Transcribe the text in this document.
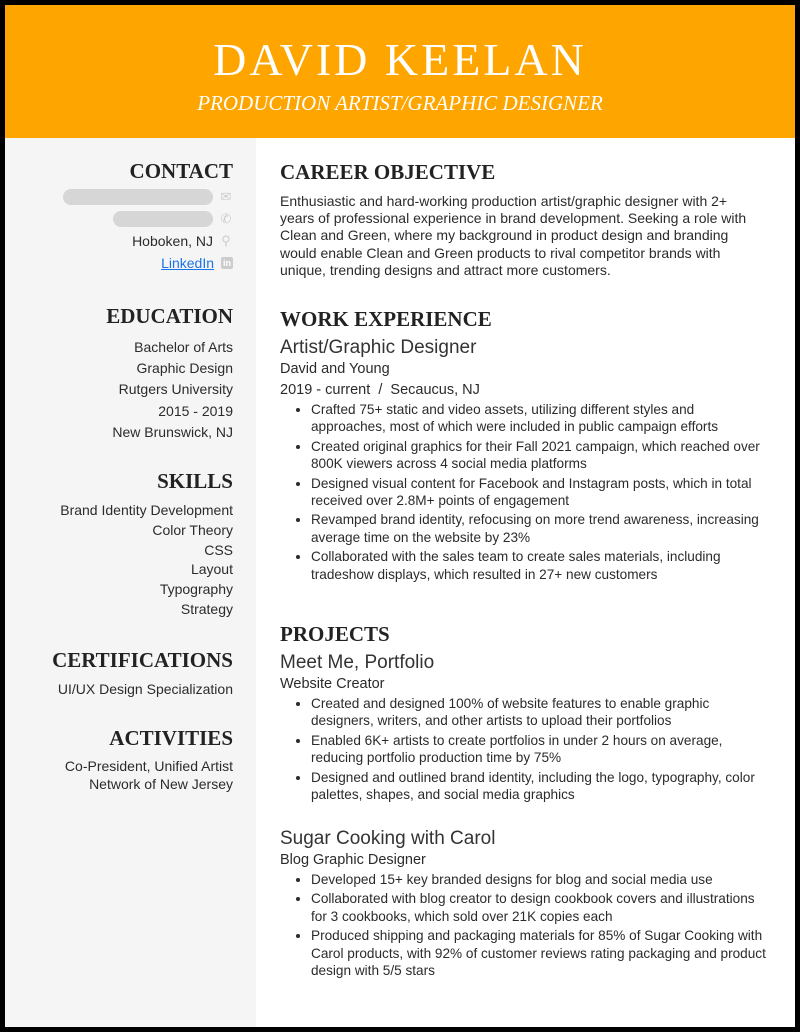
DAVID KEELAN
PRODUCTION ARTIST/GRAPHIC DESIGNER
CONTACT
✉
✆
Hoboken, NJ ⚲
LinkedIn in
EDUCATION
Bachelor of Arts
Graphic Design
Rutgers University
2015 - 2019
New Brunswick, NJ
SKILLS
Brand Identity Development
Color Theory
CSS
Layout
Typography
Strategy
CERTIFICATIONS
UI/UX Design Specialization
ACTIVITIES
Co-President, Unified Artist
Network of New Jersey
CAREER OBJECTIVE
Enthusiastic and hard-working production artist/graphic designer with 2+ years of professional experience in brand development. Seeking a role with Clean and Green, where my background in product design and branding would enable Clean and Green products to rival competitor brands with unique, trending designs and attract more customers.
WORK EXPERIENCE
Artist/Graphic Designer
David and Young
2019 - current  /  Secaucus, NJ
• Crafted 75+ static and video assets, utilizing different styles and approaches, most of which were included in public campaign efforts
• Created original graphics for their Fall 2021 campaign, which reached over 800K viewers across 4 social media platforms
• Designed visual content for Facebook and Instagram posts, which in total received over 2.8M+ points of engagement
• Revamped brand identity, refocusing on more trend awareness, increasing average time on the website by 23%
• Collaborated with the sales team to create sales materials, including tradeshow displays, which resulted in 27+ new customers
PROJECTS
Meet Me, Portfolio
Website Creator
• Created and designed 100% of website features to enable graphic designers, writers, and other artists to upload their portfolios
• Enabled 6K+ artists to create portfolios in under 2 hours on average, reducing portfolio production time by 75%
• Designed and outlined brand identity, including the logo, typography, color palettes, shapes, and social media graphics
Sugar Cooking with Carol
Blog Graphic Designer
• Developed 15+ key branded designs for blog and social media use
• Collaborated with blog creator to design cookbook covers and illustrations for 3 cookbooks, which sold over 21K copies each
• Produced shipping and packaging materials for 85% of Sugar Cooking with Carol products, with 92% of customer reviews rating packaging and product design with 5/5 stars
